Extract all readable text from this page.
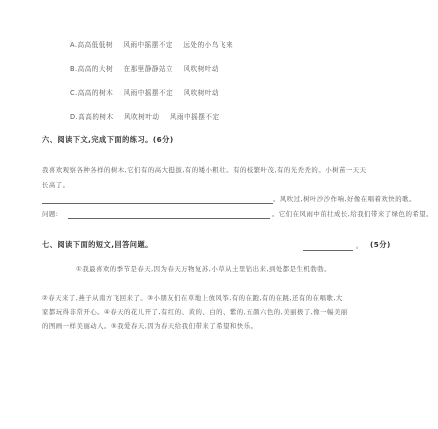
A.高高低低树 风雨中摇摆不定 远处的小鸟飞来
B.高高的大树 在那里静静站立 风吹树叶动
C.高高的树木 风雨中摇摆不定 风吹树叶动
D.高高的树木 风吹树叶动 风雨中摇摆不定
六、阅读下文,完成下面的练习。(6分)
我喜欢观察各种各样的树木,它们有的高大挺拔,有的矮小粗壮。有的枝繁叶茂,有的光秃秃的。小树苗一天天
长高了。
。风吹过,树叶沙沙作响,好像在唱着欢快的歌。
问题:	。它们在风雨中茁壮成长,给我们带来了绿色的希望。
七、阅读下面的短文,回答问题。	。 (5分)
①我最喜欢的季节是春天,因为春天万物复苏,小草从土里钻出来,到处都是生机勃勃。
②春天来了,燕子从南方飞回来了。③小朋友们在草地上放风筝,有的在跑,有的在跳,还有的在唱歌,大
家都玩得非常开心。④春天的花儿开了,有红的、黄的、白的、紫的,五颜六色的,美丽极了,像一幅美丽
的图画一样美丽动人。⑤我爱春天,因为春天给我们带来了希望和快乐。
